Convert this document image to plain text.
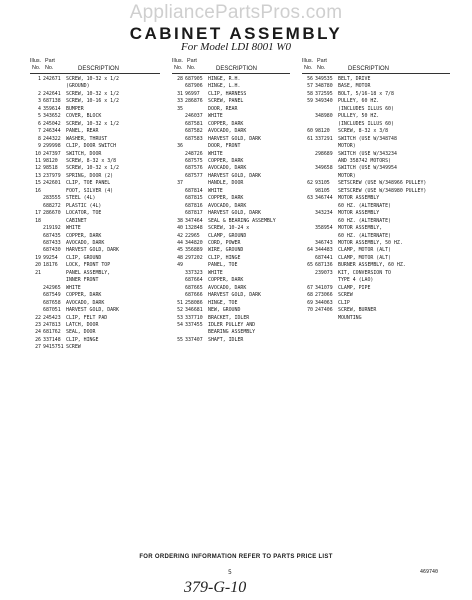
AppliancePartsPros.com
CABINET ASSEMBLY
For Model LDI 8001 W0
Illus.
No.
Part
No.	DESCRIPTION
1 242671	SCREW, 10-32 x 1/2
(GROUND)
2 242641	SCREW, 10-32 x 1/2
3 687138	SCREW, 10-16 x 1/2
4 359614	BUMPER
5 343652	COVER, BLOCK
6 245042	SCREW, 10-32 x 1/2
7 246344	PANEL, REAR
8 244322	WASHER, THRUST
9 299998	CLIP, DOOR SWITCH
10 247397	SWITCH, DOOR
11 98120	SCREW, 8-32 x 3/8
12 98518	SCREW, 10-32 x 1/2
13 237979	SPRING, DOOR (2)
15 242601	CLIP, TOE PANEL
16	FOOT, SILVER (4)
283555	STEEL (4L)
688272	PLASTIC (4L)
17 286670	LOCATOR, TOE
18	CABINET
219192	WHITE
687435	COPPER, DARK
687433	AVOCADO, DARK
687430	HARVEST GOLD, DARK
19 99254	CLIP, GROUND
20 18176	LOCK, FRONT TOP
21	PANEL ASSEMBLY,
INNER FRONT
242965	WHITE
687549	COPPER, DARK
687658	AVOCADO, DARK
687051	HARVEST GOLD, DARK
22 245423	CLIP, FELT PAD
23 247813	LATCH, DOOR
24 681762	SEAL, DOOR
26 337148	CLIP, HINGE
27 9415751 SCREW
Illus.
No.
Part
No.	DESCRIPTION
28 687905	HINGE, R.H.
687906	HINGE, L.H.
31 96997	CLIP, HARNESS
33 286876	SCREW, PANEL
35	DOOR, REAR
246037	WHITE
687581	COPPER, DARK
687582	AVOCADO, DARK
687583	HARVEST GOLD, DARK
36	DOOR, FRONT
248726	WHITE
687575	COPPER, DARK
687576	AVOCADO, DARK
687577	HARVEST GOLD, DARK
37	HANDLE, DOOR
687814	WHITE
687815	COPPER, DARK
687816	AVOCADO, DARK
687817	HARVEST GOLD, DARK
38 347464	SEAL & BEARING ASSEMBLY
40 132848	SCREW, 10-24 x
42 22965	CLAMP, GROUND
44 344820	CORD, POWER
45 356889	WIRE, GROUND
48 297202	CLIP, HINGE
49	PANEL, TOE
337323	WHITE
687664	COPPER, DARK
687665	AVOCADO, DARK
687666	HARVEST GOLD, DARK
51 258086	HINGE, TOE
52 346681	NEW, GROUND
53 337710	BRACKET, IDLER
54 337455	IDLER PULLEY AND
BEARING ASSEMBLY
55 337407	SHAFT, IDLER
Illus.
No.
Part
No.	DESCRIPTION
56 349535	BELT, DRIVE
57 348780	BASE, MOTOR
58 372595	BOLT, 5/16-18 x 7/8
59 349340	PULLEY, 60 HZ.
(INCLUDES ILLUS 60)
348980	PULLEY, 50 HZ.
(INCLUDES ILLUS 60)
60 98120	SCREW, 8-32 x 3/8
61 337291	SWITCH (USE W/348748
MOTOR)
298689	SWITCH (USE W/343234
AND 358742 MOTORS)
349658	SWITCH (USE W/349954
MOTOR)
62 93105	SETSCREW (USE W/348966 PULLEY)
98105	SETSCREW (USE W/348980 PULLEY)
63 346744	MOTOR ASSEMBLY
60 HZ. (ALTERNATE)
343234	MOTOR ASSEMBLY
60 HZ. (ALTERNATE)
358954	MOTOR ASSEMBLY,
60 HZ. (ALTERNATE)
346743	MOTOR ASSEMBLY, 50 HZ.
64 344483	CLAMP, MOTOR (ALT)
687441	CLAMP, MOTOR (ALT)
65 687136	BURNER ASSEMBLY, 60 HZ.
239073	KIT, CONVERSION TO
TYPE 4 (LAO)
67 341079	CLAMP, PIPE
68 273066	SCREW
69 344063	CLIP
70 247406	SCREW, BURNER
MOUNTING
FOR ORDERING INFORMATION REFER TO PARTS PRICE LIST
5	469740
379-G-10
